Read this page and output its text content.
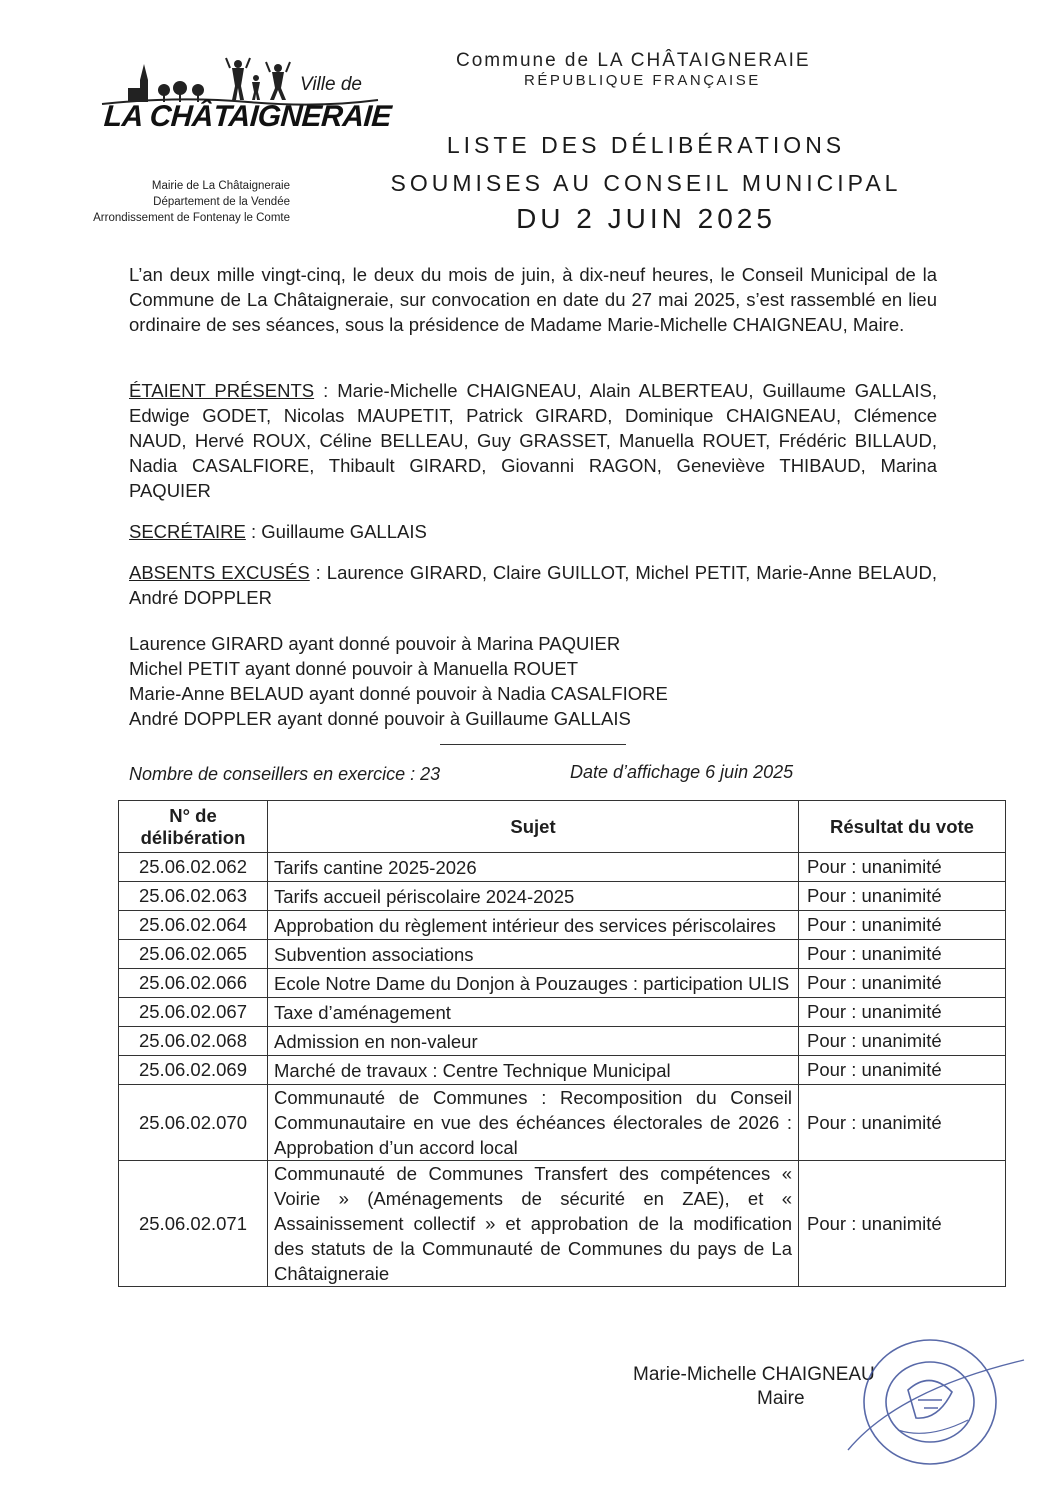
Ville de
LA CHÂTAIGNERAIE
Mairie de La Châtaigneraie
Département de la Vendée
Arrondissement de Fontenay le Comte
Commune de LA CHÂTAIGNERAIE
RÉPUBLIQUE FRANÇAISE
LISTE DES DÉLIBÉRATIONS
SOUMISES AU CONSEIL MUNICIPAL
DU 2 JUIN 2025
L’an deux mille vingt-cinq, le deux du mois de juin, à dix-neuf heures, le Conseil Municipal de la Commune de La Châtaigneraie, sur convocation en date du 27 mai 2025, s’est rassemblé en lieu ordinaire de ses séances, sous la présidence de Madame Marie-Michelle CHAIGNEAU, Maire.
ÉTAIENT PRÉSENTS : Marie-Michelle CHAIGNEAU, Alain ALBERTEAU, Guillaume GALLAIS, Edwige GODET, Nicolas MAUPETIT, Patrick GIRARD, Dominique CHAIGNEAU, Clémence NAUD, Hervé ROUX, Céline BELLEAU, Guy GRASSET, Manuella ROUET, Frédéric BILLAUD, Nadia CASALFIORE, Thibault GIRARD, Giovanni RAGON, Geneviève THIBAUD, Marina PAQUIER
SECRÉTAIRE : Guillaume GALLAIS
ABSENTS EXCUSÉS : Laurence GIRARD, Claire GUILLOT, Michel PETIT, Marie-Anne BELAUD, André DOPPLER
Laurence GIRARD ayant donné pouvoir à Marina PAQUIER
Michel PETIT ayant donné pouvoir à Manuella ROUET
Marie-Anne BELAUD ayant donné pouvoir à Nadia CASALFIORE
André DOPPLER ayant donné pouvoir à Guillaume GALLAIS
Nombre de conseillers en exercice : 23	Date d’affichage 6 juin 2025
N° de délibération	Sujet	Résultat du vote
25.06.02.062	Tarifs cantine 2025-2026	Pour : unanimité
25.06.02.063	Tarifs accueil périscolaire 2024-2025	Pour : unanimité
25.06.02.064	Approbation du règlement intérieur des services périscolaires	Pour : unanimité
25.06.02.065	Subvention associations	Pour : unanimité
25.06.02.066	Ecole Notre Dame du Donjon à Pouzauges : participation ULIS	Pour : unanimité
25.06.02.067	Taxe d’aménagement	Pour : unanimité
25.06.02.068	Admission en non-valeur	Pour : unanimité
25.06.02.069	Marché de travaux : Centre Technique Municipal	Pour : unanimité
25.06.02.070	Communauté de Communes : Recomposition du Conseil Communautaire en vue des échéances électorales de 2026 : Approbation d’un accord local	Pour : unanimité
25.06.02.071	Communauté de Communes Transfert des compétences « Voirie » (Aménagements de sécurité en ZAE), et « Assainissement collectif » et approbation de la modification des statuts de la Communauté de Communes du pays de La Châtaigneraie	Pour : unanimité
Marie-Michelle CHAIGNEAU
Maire
